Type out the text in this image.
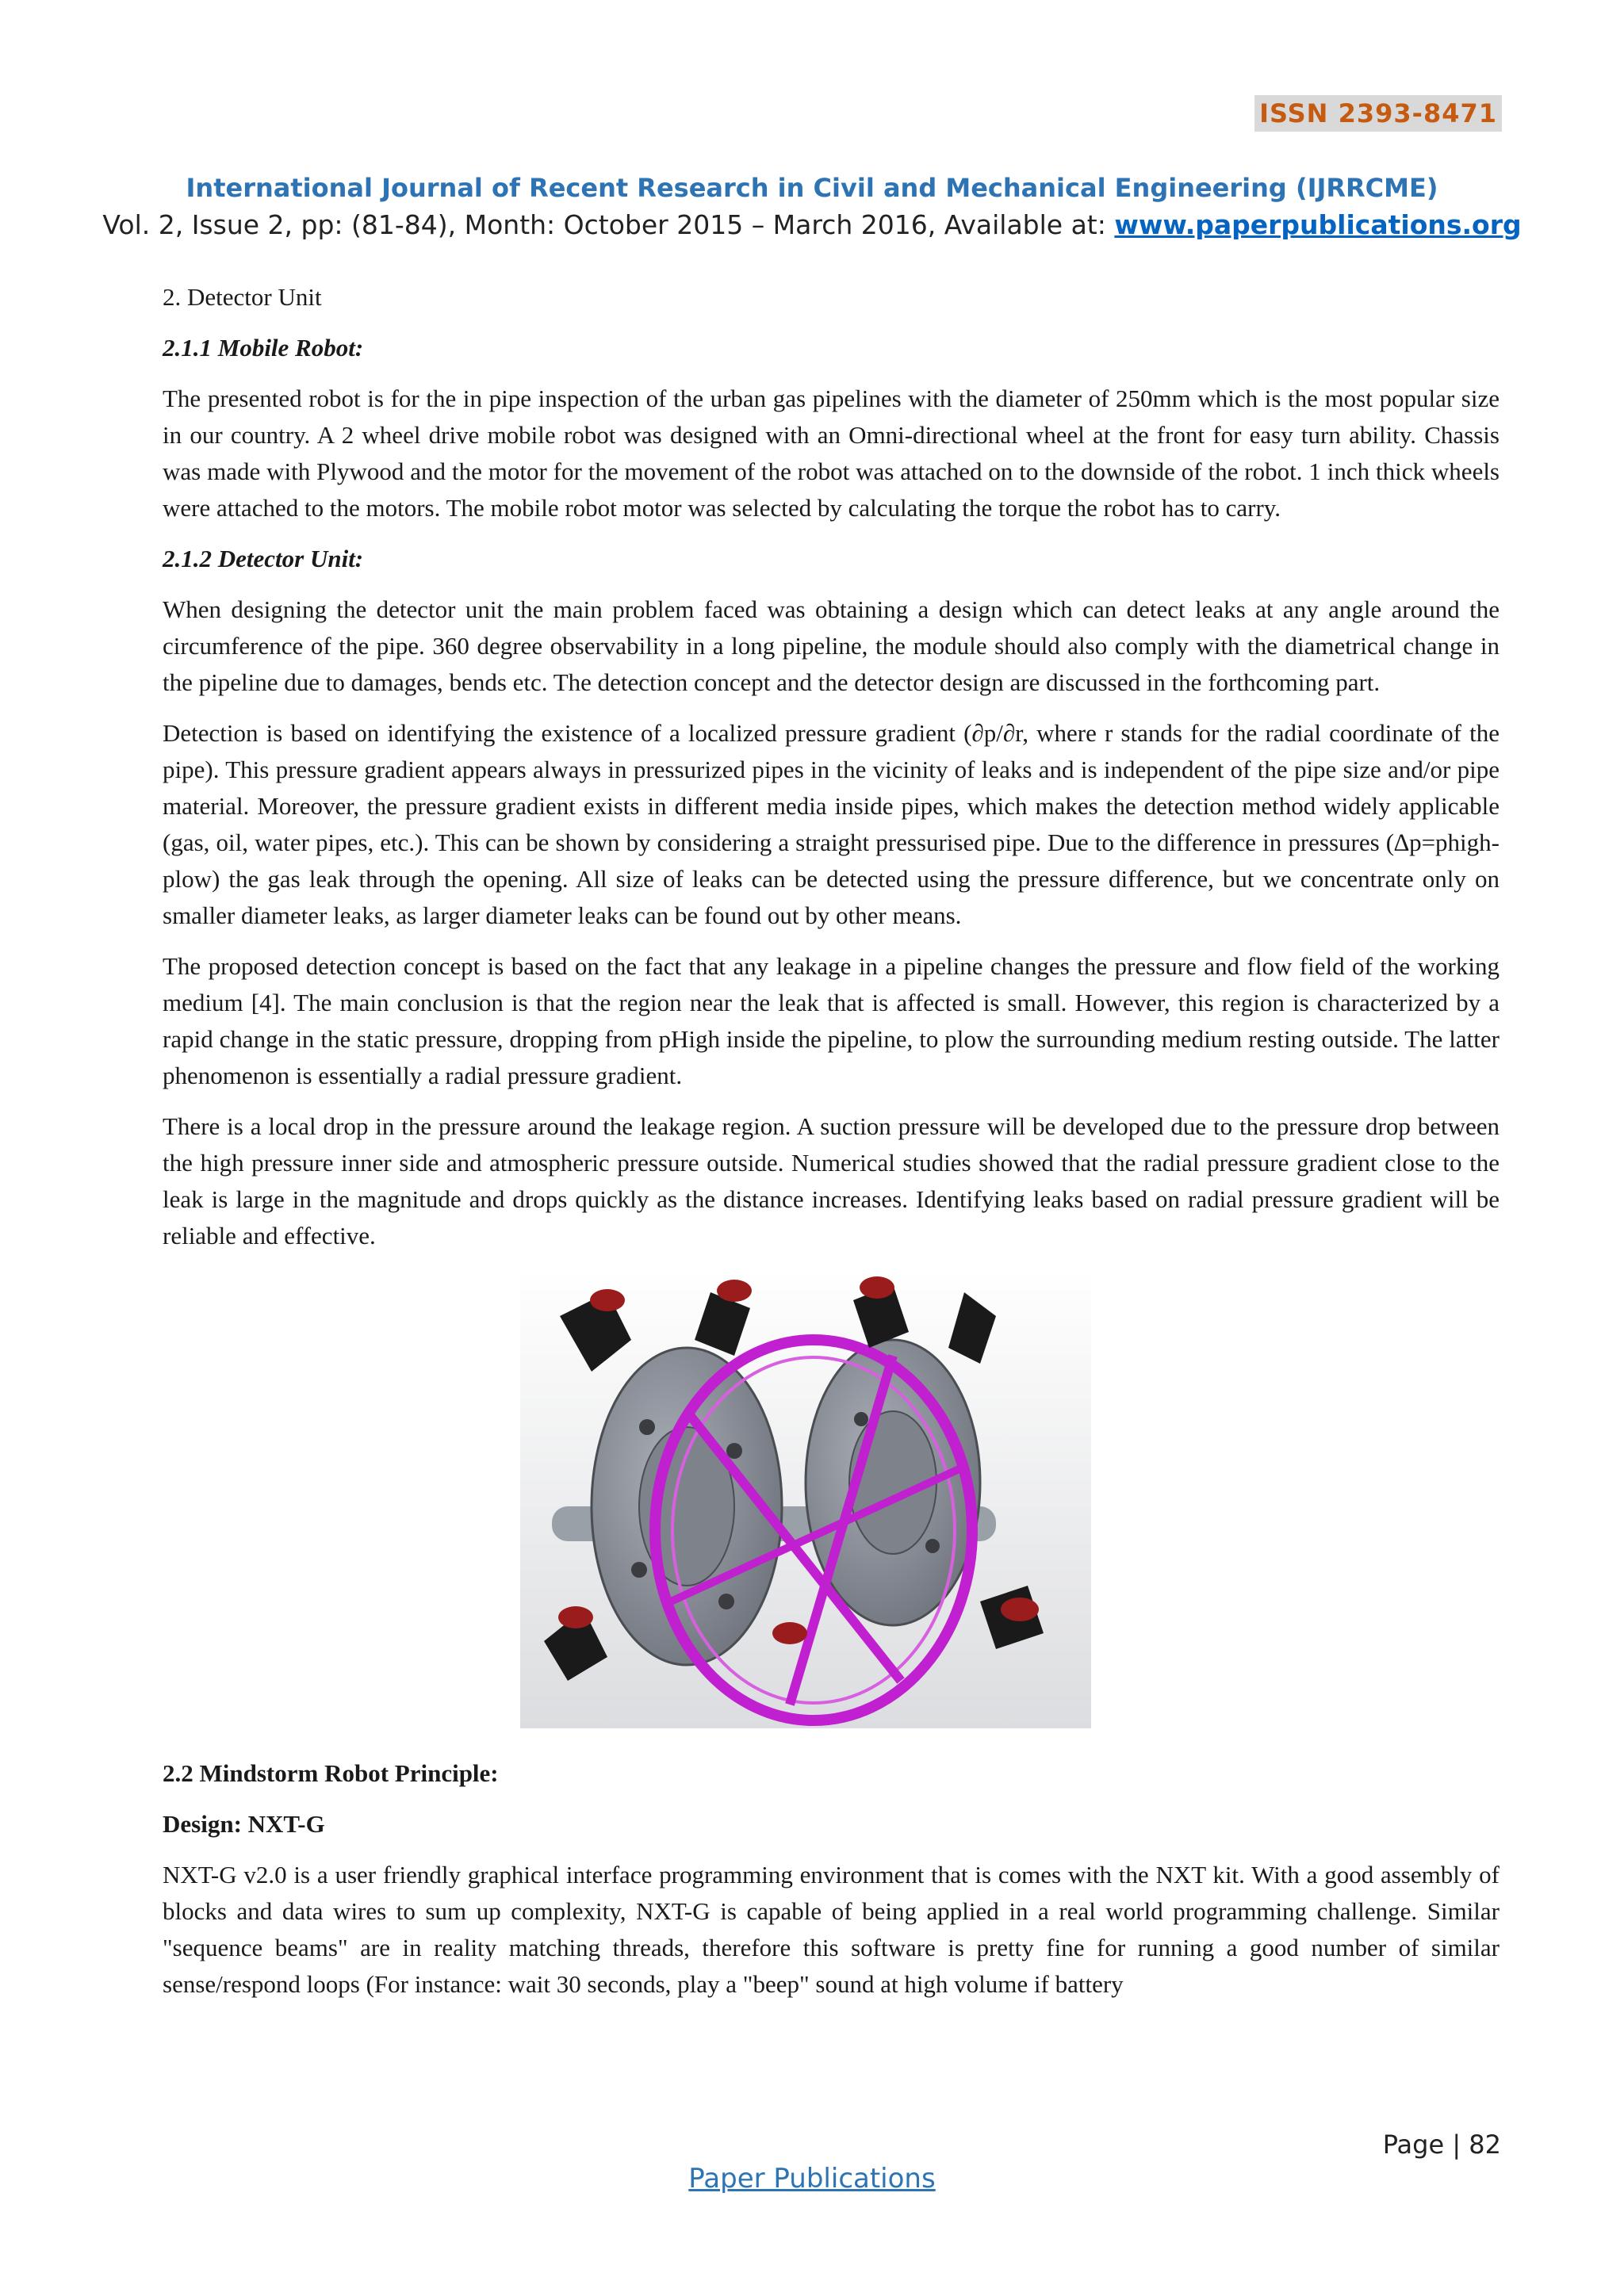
ISSN 2393-8471
International Journal of Recent Research in Civil and Mechanical Engineering (IJRRCME)
Vol. 2, Issue 2, pp: (81-84), Month: October 2015 – March 2016, Available at: www.paperpublications.org
2. Detector Unit
2.1.1 Mobile Robot:

The presented robot is for the in pipe inspection of the urban gas pipelines with the diameter of 250mm which is the most popular size in our country. A 2 wheel drive mobile robot was designed with an Omni-directional wheel at the front for easy turn ability. Chassis was made with Plywood and the motor for the movement of the robot was attached on to the downside of the robot. 1 inch thick wheels were attached to the motors. The mobile robot motor was selected by calculating the torque the robot has to carry.

2.1.2 Detector Unit:

When designing the detector unit the main problem faced was obtaining a design which can detect leaks at any angle around the circumference of the pipe. 360 degree observability in a long pipeline, the module should also comply with the diametrical change in the pipeline due to damages, bends etc. The detection concept and the detector design are discussed in the forthcoming part.

Detection is based on identifying the existence of a localized pressure gradient (∂p/∂r, where r stands for the radial coordinate of the pipe). This pressure gradient appears always in pressurized pipes in the vicinity of leaks and is independent of the pipe size and/or pipe material. Moreover, the pressure gradient exists in different media inside pipes, which makes the detection method widely applicable (gas, oil, water pipes, etc.). This can be shown by considering a straight pressurised pipe. Due to the difference in pressures (∆p=phigh- plow) the gas leak through the opening. All size of leaks can be detected using the pressure difference, but we concentrate only on smaller diameter leaks, as larger diameter leaks can be found out by other means.

The proposed detection concept is based on the fact that any leakage in a pipeline changes the pressure and flow field of the working medium [4]. The main conclusion is that the region near the leak that is affected is small. However, this region is characterized by a rapid change in the static pressure, dropping from pHigh inside the pipeline, to plow the surrounding medium resting outside. The latter phenomenon is essentially a radial pressure gradient.

There is a local drop in the pressure around the leakage region. A suction pressure will be developed due to the pressure drop between the high pressure inner side and atmospheric pressure outside. Numerical studies showed that the radial pressure gradient close to the leak is large in the magnitude and drops quickly as the distance increases. Identifying leaks based on radial pressure gradient will be reliable and effective.

2.2 Mindstorm Robot Principle:
Design: NXT-G

NXT-G v2.0 is a user friendly graphical interface programming environment that is comes with the NXT kit. With a good assembly of blocks and data wires to sum up complexity, NXT-G is capable of being applied in a real world programming challenge. Similar "sequence beams" are in reality matching threads, therefore this software is pretty fine for running a good number of similar sense/respond loops (For instance: wait 30 seconds, play a "beep" sound at high volume if battery

Page | 82
Paper Publications
